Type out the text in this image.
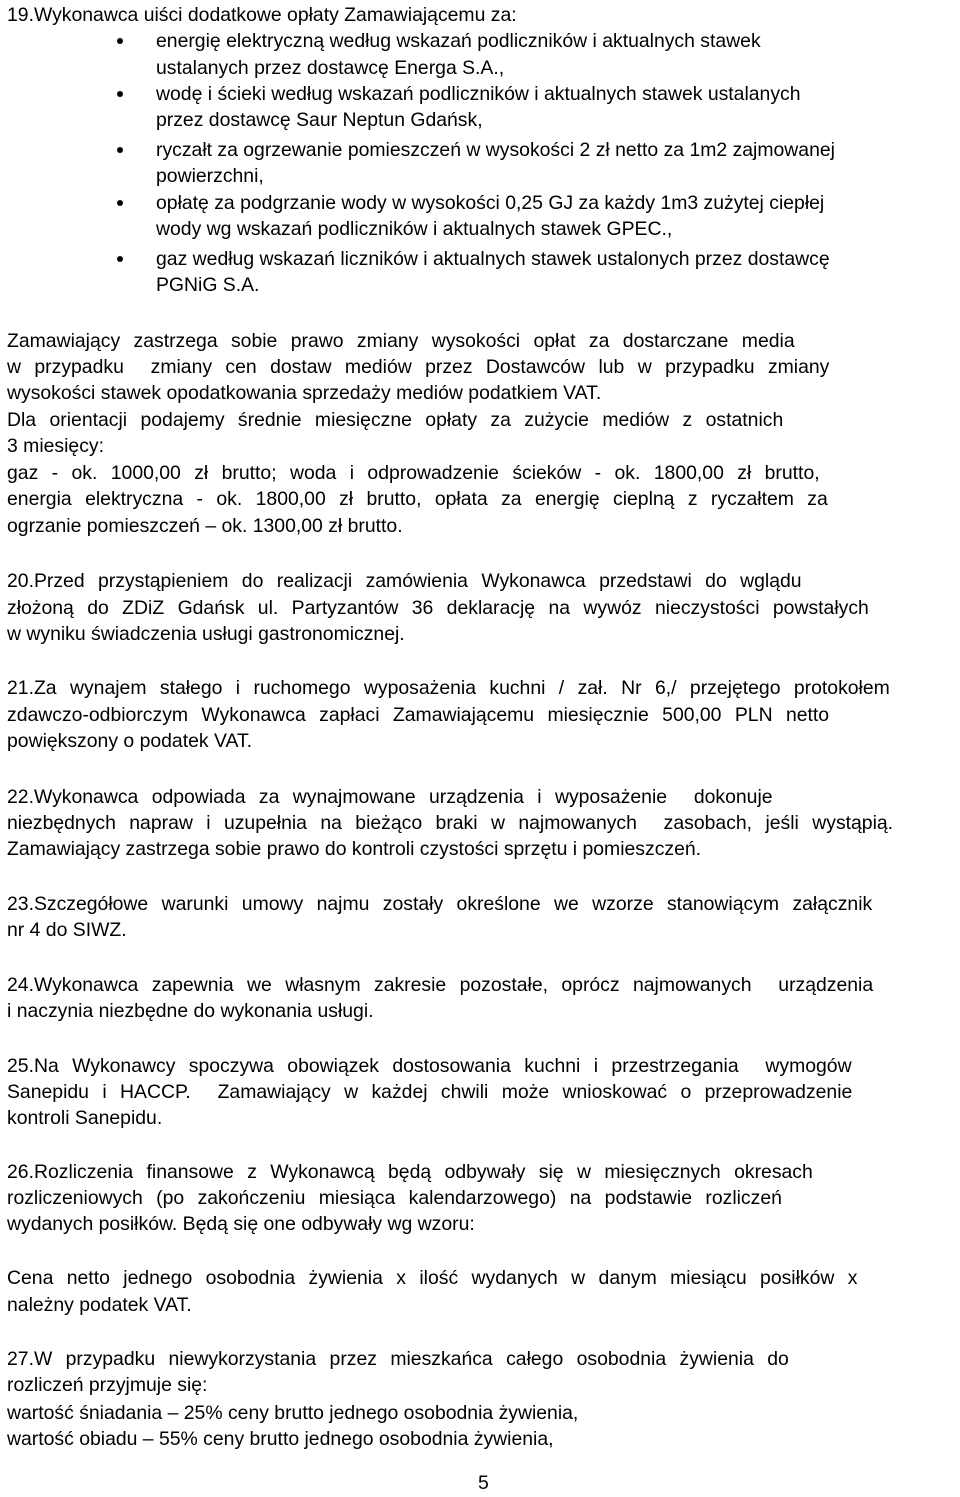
19.Wykonawca uiści dodatkowe opłaty Zamawiającemu za:
energię elektryczną według wskazań podliczników i aktualnych stawek
ustalanych przez dostawcę Energa S.A.,
wodę i ścieki według wskazań podliczników i aktualnych stawek ustalanych
przez dostawcę Saur Neptun Gdańsk,
ryczałt za ogrzewanie pomieszczeń w wysokości 2 zł netto za 1m2 zajmowanej
powierzchni,
opłatę za podgrzanie wody w wysokości 0,25 GJ za każdy 1m3 zużytej ciepłej
wody wg wskazań podliczników i aktualnych stawek GPEC.,
gaz według wskazań liczników i aktualnych stawek ustalonych przez dostawcę
PGNiG S.A.
Zamawiający zastrzega sobie prawo zmiany wysokości opłat za dostarczane media
w przypadku  zmiany cen dostaw mediów przez Dostawców lub w przypadku zmiany
wysokości stawek opodatkowania sprzedaży mediów podatkiem VAT.
Dla orientacji podajemy średnie miesięczne opłaty za zużycie mediów z ostatnich
3 miesięcy:
gaz - ok. 1000,00 zł brutto; woda i odprowadzenie ścieków - ok. 1800,00 zł brutto,
energia elektryczna - ok. 1800,00 zł brutto, opłata za energię cieplną z ryczałtem za
ogrzanie pomieszczeń – ok. 1300,00 zł brutto.
20.Przed przystąpieniem do realizacji zamówienia Wykonawca przedstawi do wglądu
złożoną do ZDiZ Gdańsk ul. Partyzantów 36 deklarację na wywóz nieczystości powstałych
w wyniku świadczenia usługi gastronomicznej.
21.Za wynajem stałego i ruchomego wyposażenia kuchni / zał. Nr 6,/ przejętego protokołem
zdawczo-odbiorczym Wykonawca zapłaci Zamawiającemu miesięcznie 500,00 PLN netto
powiększony o podatek VAT.
22.Wykonawca odpowiada za wynajmowane urządzenia i wyposażenie  dokonuje
niezbędnych napraw i uzupełnia na bieżąco braki w najmowanych  zasobach, jeśli wystąpią.
Zamawiający zastrzega sobie prawo do kontroli czystości sprzętu i pomieszczeń.
23.Szczegółowe warunki umowy najmu zostały określone we wzorze stanowiącym załącznik
nr 4 do SIWZ.
24.Wykonawca zapewnia we własnym zakresie pozostałe, oprócz najmowanych  urządzenia
i naczynia niezbędne do wykonania usługi.
25.Na Wykonawcy spoczywa obowiązek dostosowania kuchni i przestrzegania  wymogów
Sanepidu i HACCP.  Zamawiający w każdej chwili może wnioskować o przeprowadzenie
kontroli Sanepidu.
26.Rozliczenia finansowe z Wykonawcą będą odbywały się w miesięcznych okresach
rozliczeniowych (po zakończeniu miesiąca kalendarzowego) na podstawie rozliczeń
wydanych posiłków. Będą się one odbywały wg wzoru:
Cena netto jednego osobodnia żywienia x ilość wydanych w danym miesiącu posiłków x
należny podatek VAT.
27.W przypadku niewykorzystania przez mieszkańca całego osobodnia żywienia do
rozliczeń przyjmuje się:
wartość śniadania – 25% ceny brutto jednego osobodnia żywienia,
wartość obiadu – 55% ceny brutto jednego osobodnia żywienia,
5
